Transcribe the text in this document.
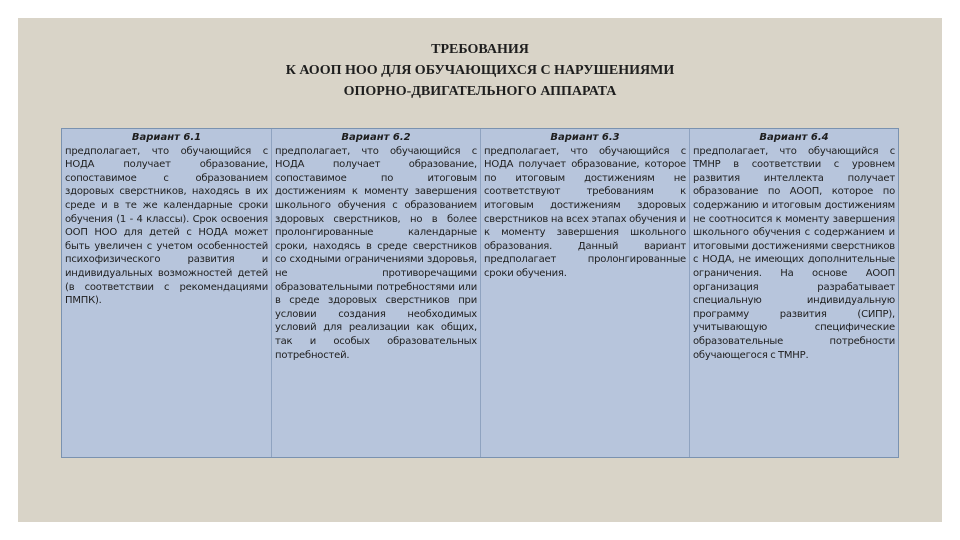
ТРЕБОВАНИЯ
К АООП НОО ДЛЯ ОБУЧАЮЩИХСЯ С НАРУШЕНИЯМИ
ОПОРНО-ДВИГАТЕЛЬНОГО АППАРАТА

Вариант 6.1

предполагает, что обучающийся с НОДА получает образование, сопоставимое с образованием здоровых сверстников, находясь в их среде и в те же календарные сроки обучения (1 - 4 классы). Срок освоения ООП НОО для детей с НОДА может быть увеличен с учетом особенностей психофизического развития и индивидуальных возможностей детей (в соответствии с рекомендациями ПМПК).

Вариант 6.2

предполагает, что обучающийся с НОДА получает образование, сопоставимое по итоговым достижениям к моменту завершения школьного обучения с образованием здоровых сверстников, но в более пролонгированные календарные сроки, находясь в среде сверстников со сходными ограничениями здоровья, не противоречащими образовательными потребностями или в среде здоровых сверстников при условии создания необходимых условий для реализации как общих, так и особых образовательных потребностей.

Вариант 6.3

предполагает, что обучающийся с НОДА получает образование, которое по итоговым достижениям не соответствуют требованиям к итоговым достижениям здоровых сверстников на всех этапах обучения и к моменту завершения школьного образования. Данный вариант предполагает пролонгированные сроки обучения.

Вариант 6.4

предполагает, что обучающийся с ТМНР в соответствии с уровнем развития интеллекта получает образование по АООП, которое по содержанию и итоговым достижениям не соотносится к моменту завершения школьного обучения с содержанием и итоговыми достижениями сверстников с НОДА, не имеющих дополнительные ограничения. На основе АООП организация разрабатывает специальную индивидуальную программу развития (СИПР), учитывающую специфические образовательные потребности обучающегося с ТМНР.
